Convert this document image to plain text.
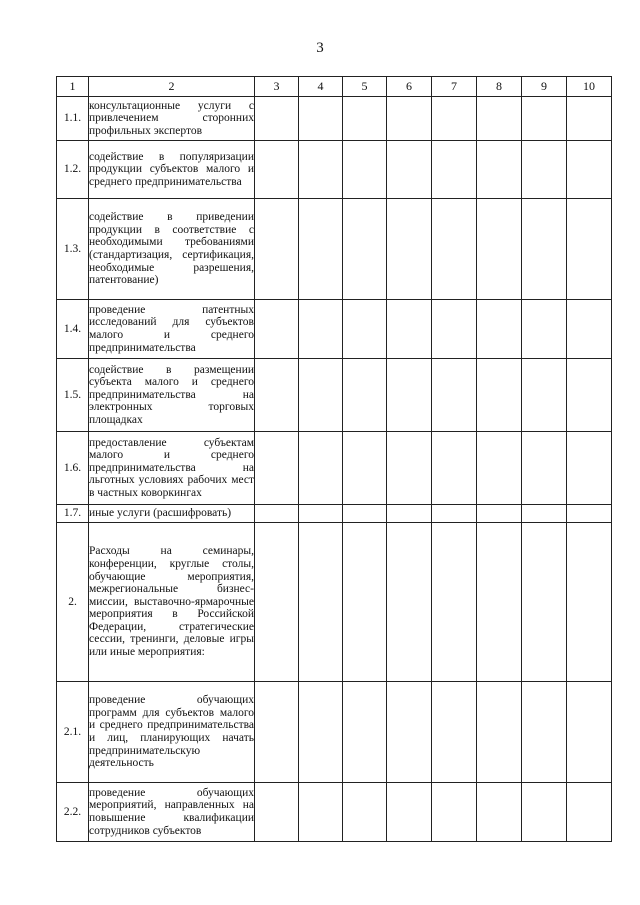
3
1	2	3	4	5	6	7	8	9	10
1.1.	консультационные услуги с привлечением сторонних профильных экспертов								
1.2.	содействие в популяризации продукции субъектов малого и среднего предпринимательства								
1.3.	содействие в приведении продукции в соответствие с необходимыми требованиями (стандартизация, сертификация, необходимые разрешения, патентование)								
1.4.	проведение патентных исследований для субъектов малого и среднего предпринимательства								
1.5.	содействие в размещении субъекта малого и среднего предпринимательства на электронных торговых площадках								
1.6.	предоставление субъектам малого и среднего предпринимательства на льготных условиях рабочих мест в частных коворкингах								
1.7.	иные услуги (расшифровать)								
2.	Расходы на семинары, конференции, круглые столы, обучающие мероприятия, межрегиональные бизнес-миссии, выставочно-ярмарочные мероприятия в Российской Федерации, стратегические сессии, тренинги, деловые игры или иные мероприятия:								
2.1.	проведение обучающих программ для субъектов малого и среднего предпринимательства и лиц, планирующих начать предпринимательскую деятельность								
2.2.	проведение обучающих мероприятий, направленных на повышение квалификации сотрудников субъектов								
